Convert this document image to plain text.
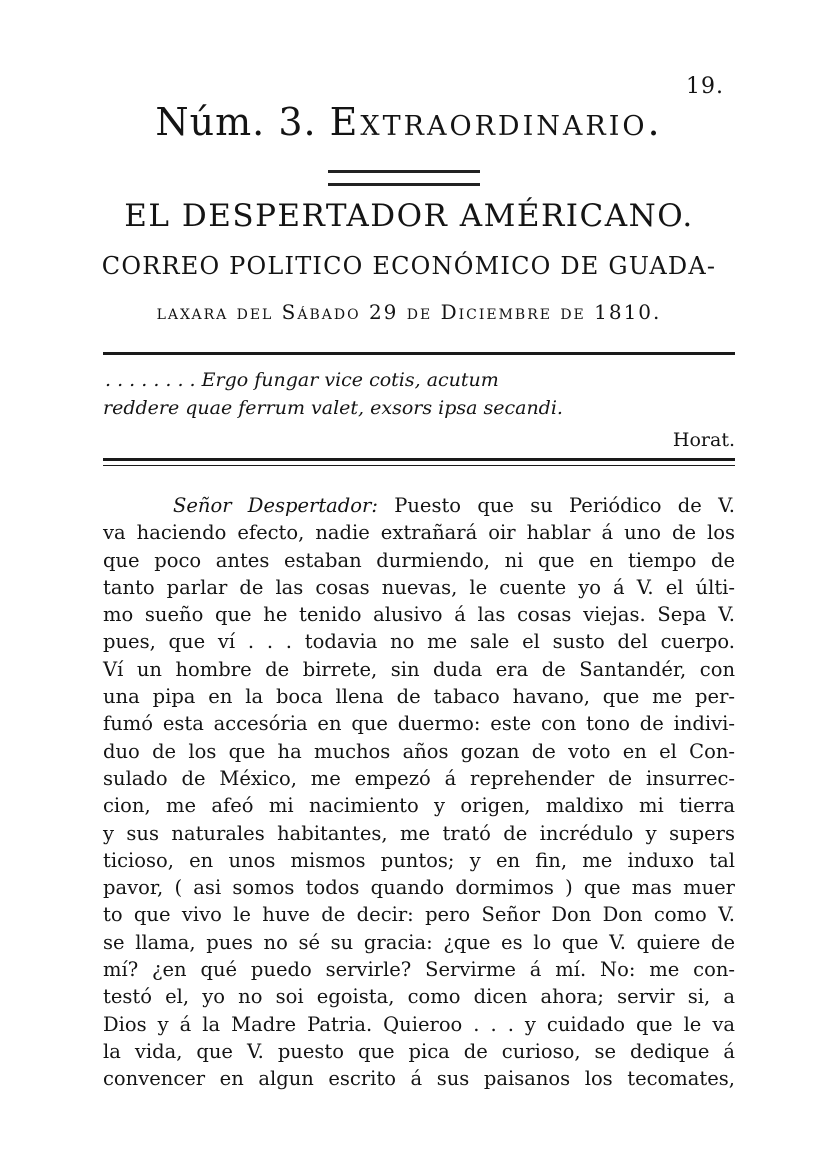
19.
Núm. 3. Extraordinario.
EL DESPERTADOR AMÉRICANO.
CORREO POLITICO ECONÓMICO DE GUADA-
laxara del Sábado 29 de Diciembre de 1810.
. . . . . . . . Ergo fungar vice cotis, acutum
reddere quae ferrum valet, exsors ipsa secandi.
Horat.
Señor Despertador: Puesto que su Periódico de V.
va haciendo efecto, nadie extrañará oir hablar á uno de los
que poco antes estaban durmiendo, ni que en tiempo de
tanto parlar de las cosas nuevas, le cuente yo á V. el últi-
mo sueño que he tenido alusivo á las cosas viejas. Sepa V.
pues, que ví . . . todavia no me sale el susto del cuerpo.
Ví un hombre de birrete, sin duda era de Santandér, con
una pipa en la boca llena de tabaco havano, que me per-
fumó esta accesória en que duermo: este con tono de indivi-
duo de los que ha muchos años gozan de voto en el Con-
sulado de México, me empezó á reprehender de insurrec-
cion, me afeó mi nacimiento y origen, maldixo mi tierra
y sus naturales habitantes, me trató de incrédulo y supers
ticioso, en unos mismos puntos; y en fin, me induxo tal
pavor, ( asi somos todos quando dormimos ) que mas muer
to que vivo le huve de decir: pero Señor Don Don como V.
se llama, pues no sé su gracia: ¿que es lo que V. quiere de
mí? ¿en qué puedo servirle? Servirme á mí. No: me con-
testó el, yo no soi egoista, como dicen ahora; servir si, a
Dios y á la Madre Patria. Quieroo . . . y cuidado que le va
la vida, que V. puesto que pica de curioso, se dedique á
convencer en algun escrito á sus paisanos los tecomates,
